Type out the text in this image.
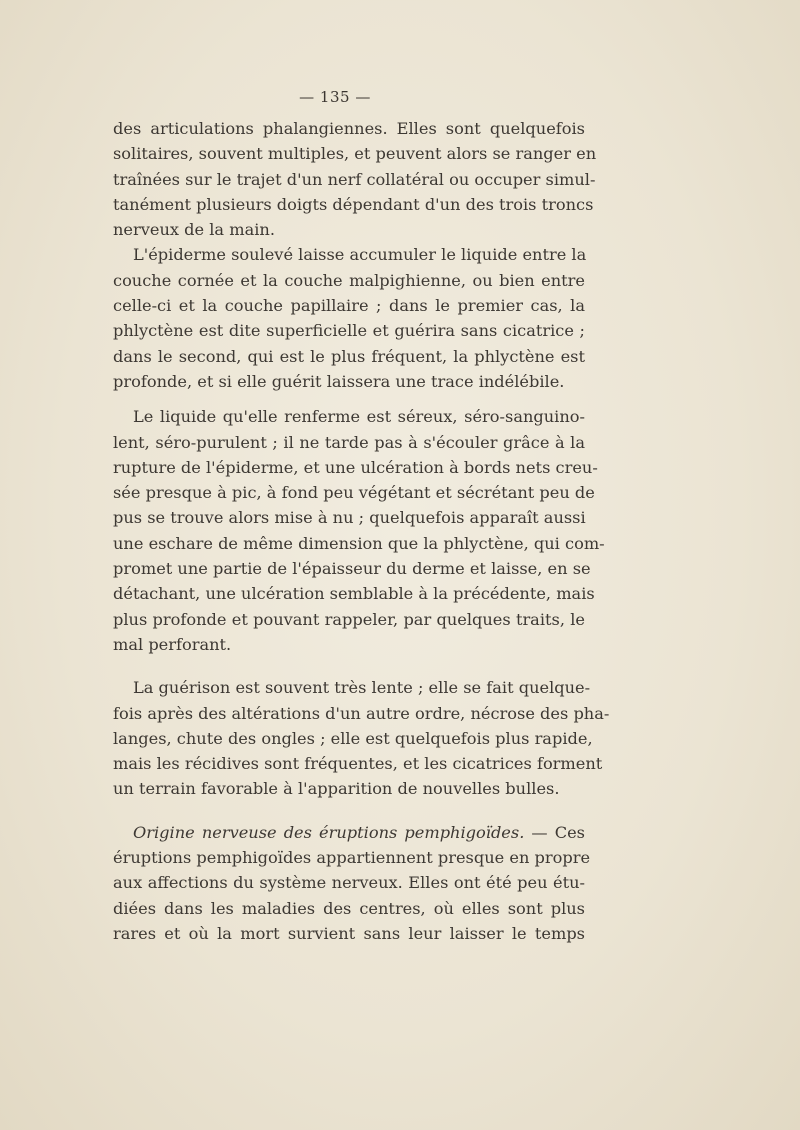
— 135 —
des articulations phalangiennes. Elles sont quelquefois
solitaires, souvent multiples, et peuvent alors se ranger en
traînées sur le trajet d'un nerf collatéral ou occuper simul-
tanément plusieurs doigts dépendant d'un des trois troncs
nerveux de la main.
L'épiderme soulevé laisse accumuler le liquide entre la
couche cornée et la couche malpighienne, ou bien entre
celle-ci et la couche papillaire ; dans le premier cas, la
phlyctène est dite superficielle et guérira sans cicatrice ;
dans le second, qui est le plus fréquent, la phlyctène est
profonde, et si elle guérit laissera une trace indélébile.
Le liquide qu'elle renferme est séreux, séro-sanguino-
lent, séro-purulent ; il ne tarde pas à s'écouler grâce à la
rupture de l'épiderme, et une ulcération à bords nets creu-
sée presque à pic, à fond peu végétant et sécrétant peu de
pus se trouve alors mise à nu ; quelquefois apparaît aussi
une eschare de même dimension que la phlyctène, qui com-
promet une partie de l'épaisseur du derme et laisse, en se
détachant, une ulcération semblable à la précédente, mais
plus profonde et pouvant rappeler, par quelques traits, le
mal perforant.
La guérison est souvent très lente ; elle se fait quelque-
fois après des altérations d'un autre ordre, nécrose des pha-
langes, chute des ongles ; elle est quelquefois plus rapide,
mais les récidives sont fréquentes, et les cicatrices forment
un terrain favorable à l'apparition de nouvelles bulles.
Origine nerveuse des éruptions pemphigoïdes. — Ces
éruptions pemphigoïdes appartiennent presque en propre
aux affections du système nerveux. Elles ont été peu étu-
diées dans les maladies des centres, où elles sont plus
rares et où la mort survient sans leur laisser le temps
